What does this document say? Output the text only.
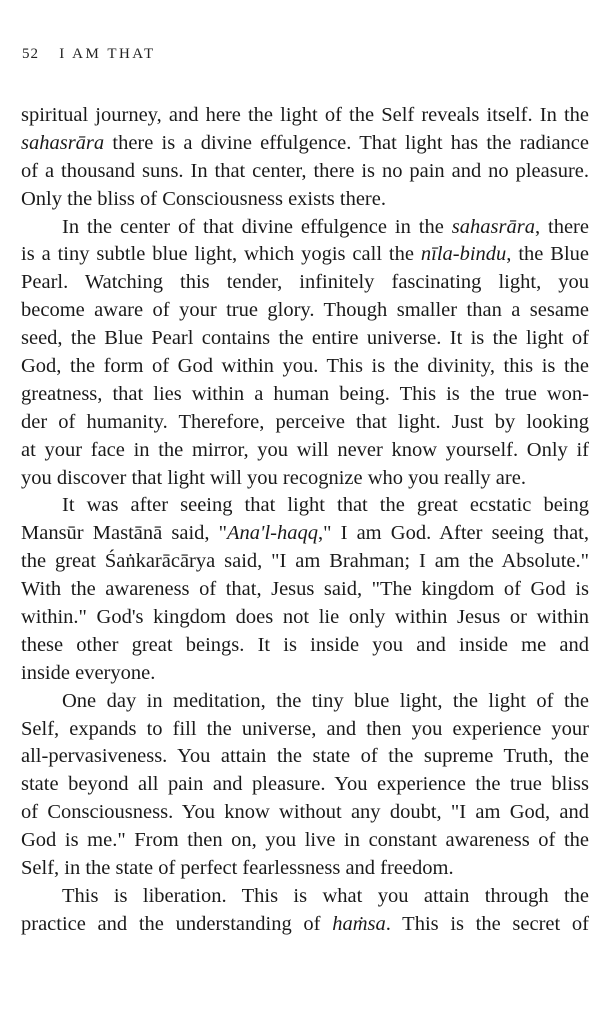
52 I AM THAT
spiritual journey, and here the light of the Self reveals itself. In the
sahasrāra there is a divine effulgence. That light has the radiance
of a thousand suns. In that center, there is no pain and no pleasure.
Only the bliss of Consciousness exists there.
In the center of that divine effulgence in the sahasrāra, there
is a tiny subtle blue light, which yogis call the nīla-bindu, the Blue
Pearl. Watching this tender, infinitely fascinating light, you
become aware of your true glory. Though smaller than a sesame
seed, the Blue Pearl contains the entire universe. It is the light of
God, the form of God within you. This is the divinity, this is the
greatness, that lies within a human being. This is the true won-
der of humanity. Therefore, perceive that light. Just by looking
at your face in the mirror, you will never know yourself. Only if
you discover that light will you recognize who you really are.
It was after seeing that light that the great ecstatic being
Mansūr Mastānā said, "Ana'l-haqq," I am God. After seeing that,
the great Śaṅkarācārya said, "I am Brahman; I am the Absolute."
With the awareness of that, Jesus said, "The kingdom of God is
within." God's kingdom does not lie only within Jesus or within
these other great beings. It is inside you and inside me and
inside everyone.
One day in meditation, the tiny blue light, the light of the
Self, expands to fill the universe, and then you experience your
all-pervasiveness. You attain the state of the supreme Truth, the
state beyond all pain and pleasure. You experience the true bliss
of Consciousness. You know without any doubt, "I am God, and
God is me." From then on, you live in constant awareness of the
Self, in the state of perfect fearlessness and freedom.
This is liberation. This is what you attain through the
practice and the understanding of haṁsa. This is the secret of
